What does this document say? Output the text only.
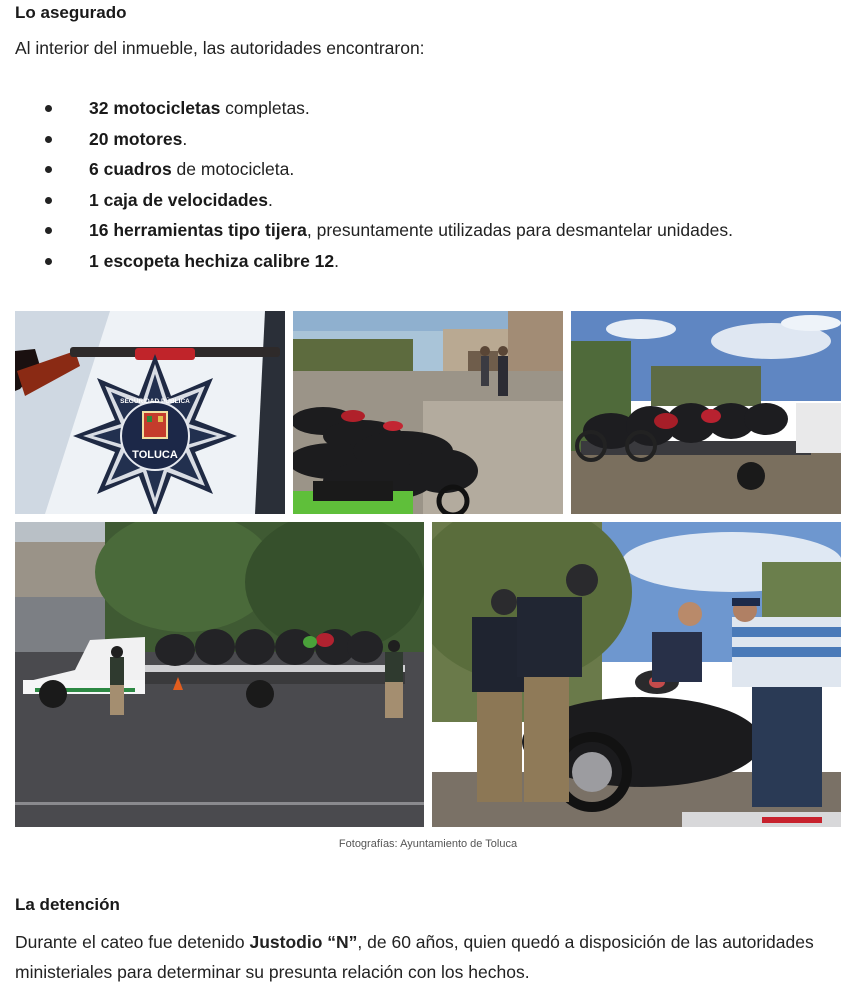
Lo asegurado
Al interior del inmueble, las autoridades encontraron:
32 motocicletas completas.
20 motores.
6 cuadros de motocicleta.
1 caja de velocidades.
16 herramientas tipo tijera, presuntamente utilizadas para desmantelar unidades.
1 escopeta hechiza calibre 12.
SEGURIDAD PÚBLICA
TOLUCA
Fotografías: Ayuntamiento de Toluca
La detención
Durante el cateo fue detenido Justodio “N”, de 60 años, quien quedó a disposición de las autoridades ministeriales para determinar su presunta relación con los hechos.
